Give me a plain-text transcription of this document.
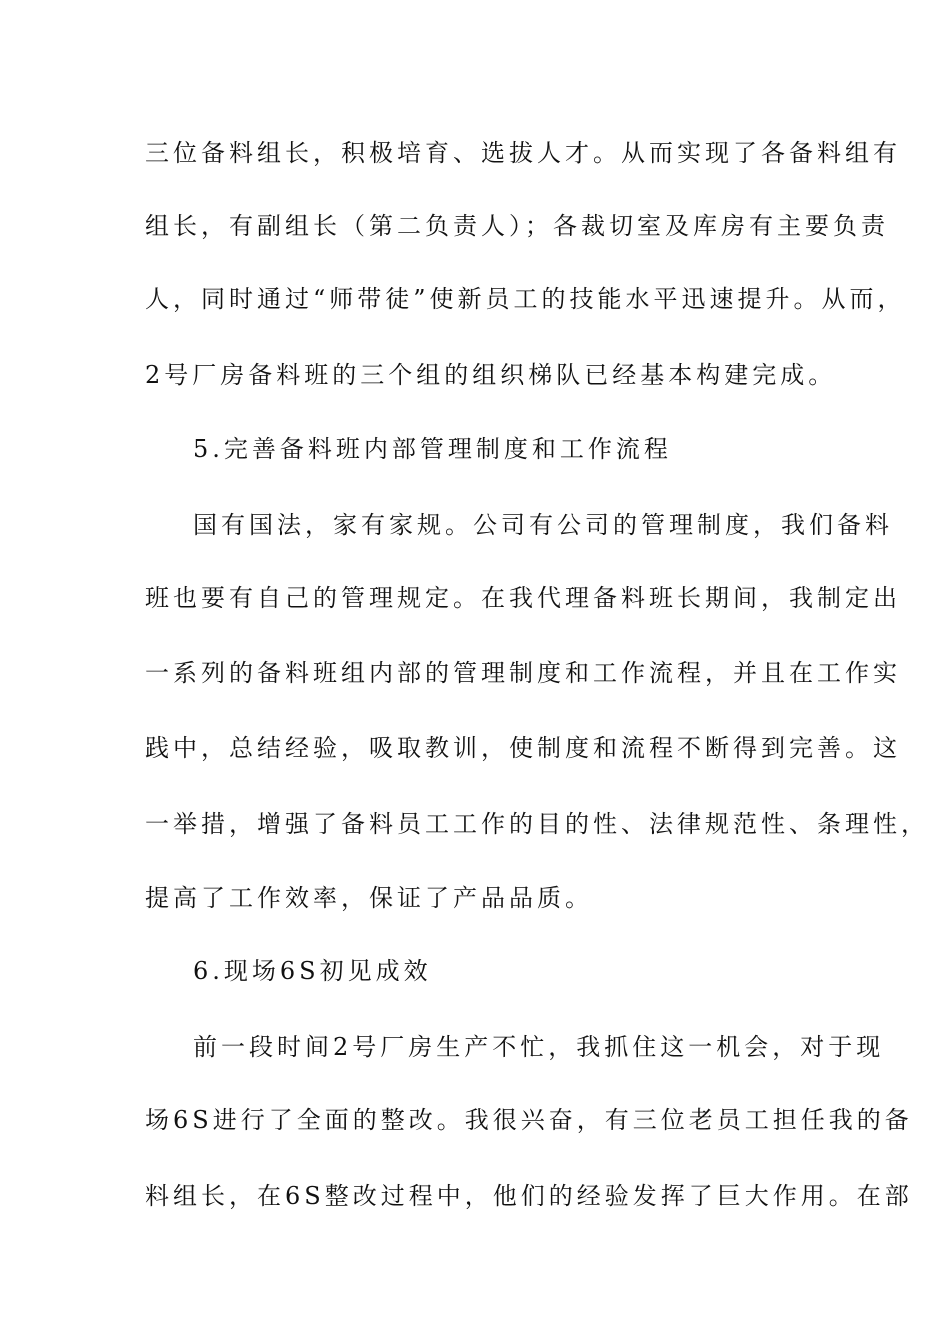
三位备料组长，积极培育、选拔人才。从而实现了各备料组有
组长，有副组长（第二负责人）；各裁切室及库房有主要负责
人，同时通过“师带徒”使新员工的技能水平迅速提升。从而，
2号厂房备料班的三个组的组织梯队已经基本构建完成。
5.完善备料班内部管理制度和工作流程
国有国法，家有家规。公司有公司的管理制度，我们备料
班也要有自己的管理规定。在我代理备料班长期间，我制定出
一系列的备料班组内部的管理制度和工作流程，并且在工作实
践中，总结经验，吸取教训，使制度和流程不断得到完善。这
一举措，增强了备料员工工作的目的性、法律规范性、条理性，
提高了工作效率，保证了产品品质。
6.现场6S初见成效
前一段时间2号厂房生产不忙，我抓住这一机会，对于现
场6S进行了全面的整改。我很兴奋，有三位老员工担任我的备
料组长，在6S整改过程中，他们的经验发挥了巨大作用。在部
